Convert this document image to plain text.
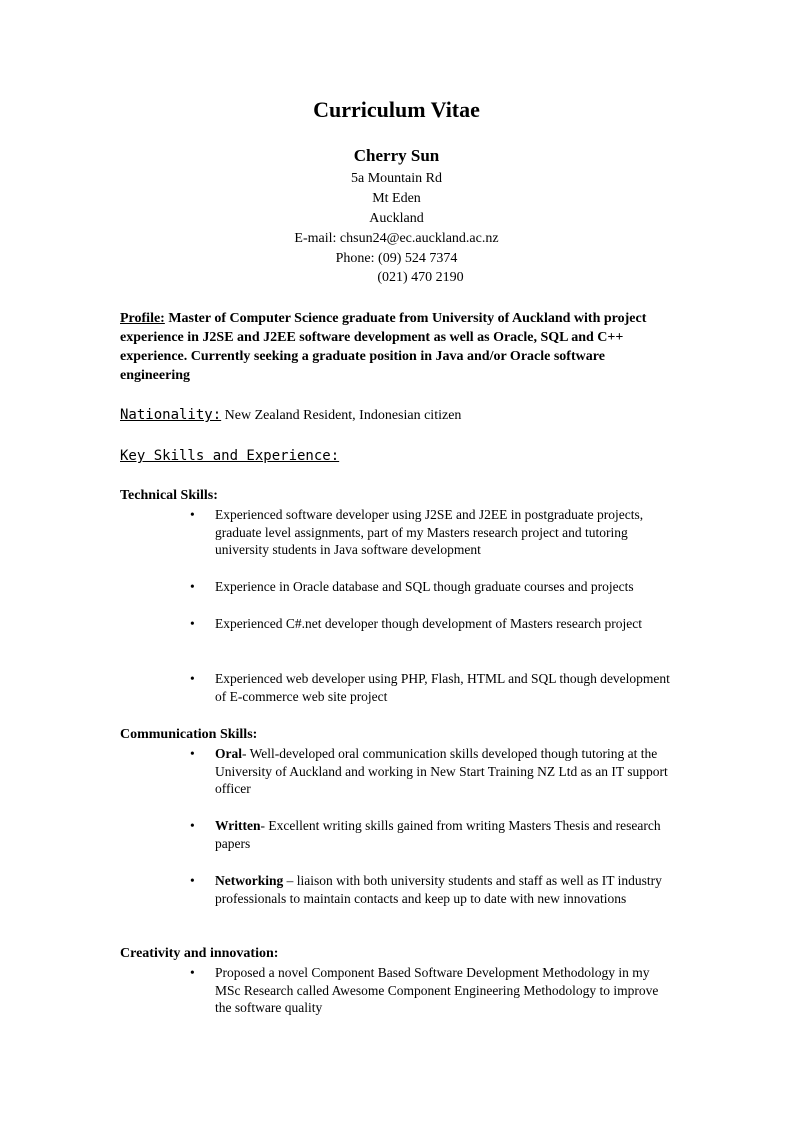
Curriculum Vitae
Cherry Sun
5a Mountain Rd
Mt Eden
Auckland
E-mail: chsun24@ec.auckland.ac.nz
Phone: (09) 524 7374
(021) 470 2190
Profile: Master of Computer Science graduate from University of Auckland with project experience in J2SE and J2EE software development as well as Oracle, SQL and C++ experience. Currently seeking a graduate position in Java and/or Oracle software engineering
Nationality: New Zealand Resident, Indonesian citizen
Key Skills and Experience:
Technical Skills:
•	Experienced software developer using J2SE and J2EE in postgraduate projects, graduate level assignments, part of my Masters research project and tutoring university students in Java software development
•	Experience in Oracle database and SQL though graduate courses and projects
•	Experienced C#.net developer though development of Masters research project
•	Experienced web developer using PHP, Flash, HTML and SQL though development of E-commerce web site project
Communication Skills:
•	Oral- Well-developed oral communication skills developed though tutoring at the University of Auckland and working in New Start Training NZ Ltd as an IT support officer
•	Written- Excellent writing skills gained from writing Masters Thesis and research papers
•	Networking – liaison with both university students and staff as well as IT industry professionals to maintain contacts and keep up to date with new innovations
Creativity and innovation:
•	Proposed a novel Component Based Software Development Methodology in my MSc Research called Awesome Component Engineering Methodology to improve the software quality
